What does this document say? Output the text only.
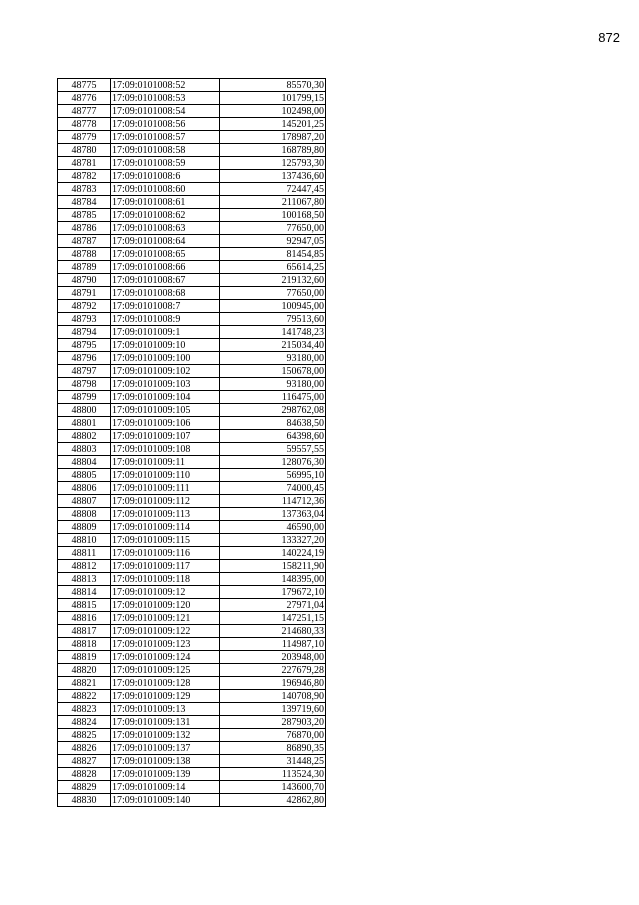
872
48775	17:09:0101008:52	85570,30
48776	17:09:0101008:53	101799,15
48777	17:09:0101008:54	102498,00
48778	17:09:0101008:56	145201,25
48779	17:09:0101008:57	178987,20
48780	17:09:0101008:58	168789,80
48781	17:09:0101008:59	125793,30
48782	17:09:0101008:6	137436,60
48783	17:09:0101008:60	72447,45
48784	17:09:0101008:61	211067,80
48785	17:09:0101008:62	100168,50
48786	17:09:0101008:63	77650,00
48787	17:09:0101008:64	92947,05
48788	17:09:0101008:65	81454,85
48789	17:09:0101008:66	65614,25
48790	17:09:0101008:67	219132,60
48791	17:09:0101008:68	77650,00
48792	17:09:0101008:7	100945,00
48793	17:09:0101008:9	79513,60
48794	17:09:0101009:1	141748,23
48795	17:09:0101009:10	215034,40
48796	17:09:0101009:100	93180,00
48797	17:09:0101009:102	150678,00
48798	17:09:0101009:103	93180,00
48799	17:09:0101009:104	116475,00
48800	17:09:0101009:105	298762,08
48801	17:09:0101009:106	84638,50
48802	17:09:0101009:107	64398,60
48803	17:09:0101009:108	59557,55
48804	17:09:0101009:11	128076,30
48805	17:09:0101009:110	56995,10
48806	17:09:0101009:111	74000,45
48807	17:09:0101009:112	114712,36
48808	17:09:0101009:113	137363,04
48809	17:09:0101009:114	46590,00
48810	17:09:0101009:115	133327,20
48811	17:09:0101009:116	140224,19
48812	17:09:0101009:117	158211,90
48813	17:09:0101009:118	148395,00
48814	17:09:0101009:12	179672,10
48815	17:09:0101009:120	27971,04
48816	17:09:0101009:121	147251,15
48817	17:09:0101009:122	214680,33
48818	17:09:0101009:123	114987,10
48819	17:09:0101009:124	203948,00
48820	17:09:0101009:125	227679,28
48821	17:09:0101009:128	196946,80
48822	17:09:0101009:129	140708,90
48823	17:09:0101009:13	139719,60
48824	17:09:0101009:131	287903,20
48825	17:09:0101009:132	76870,00
48826	17:09:0101009:137	86890,35
48827	17:09:0101009:138	31448,25
48828	17:09:0101009:139	113524,30
48829	17:09:0101009:14	143600,70
48830	17:09:0101009:140	42862,80
